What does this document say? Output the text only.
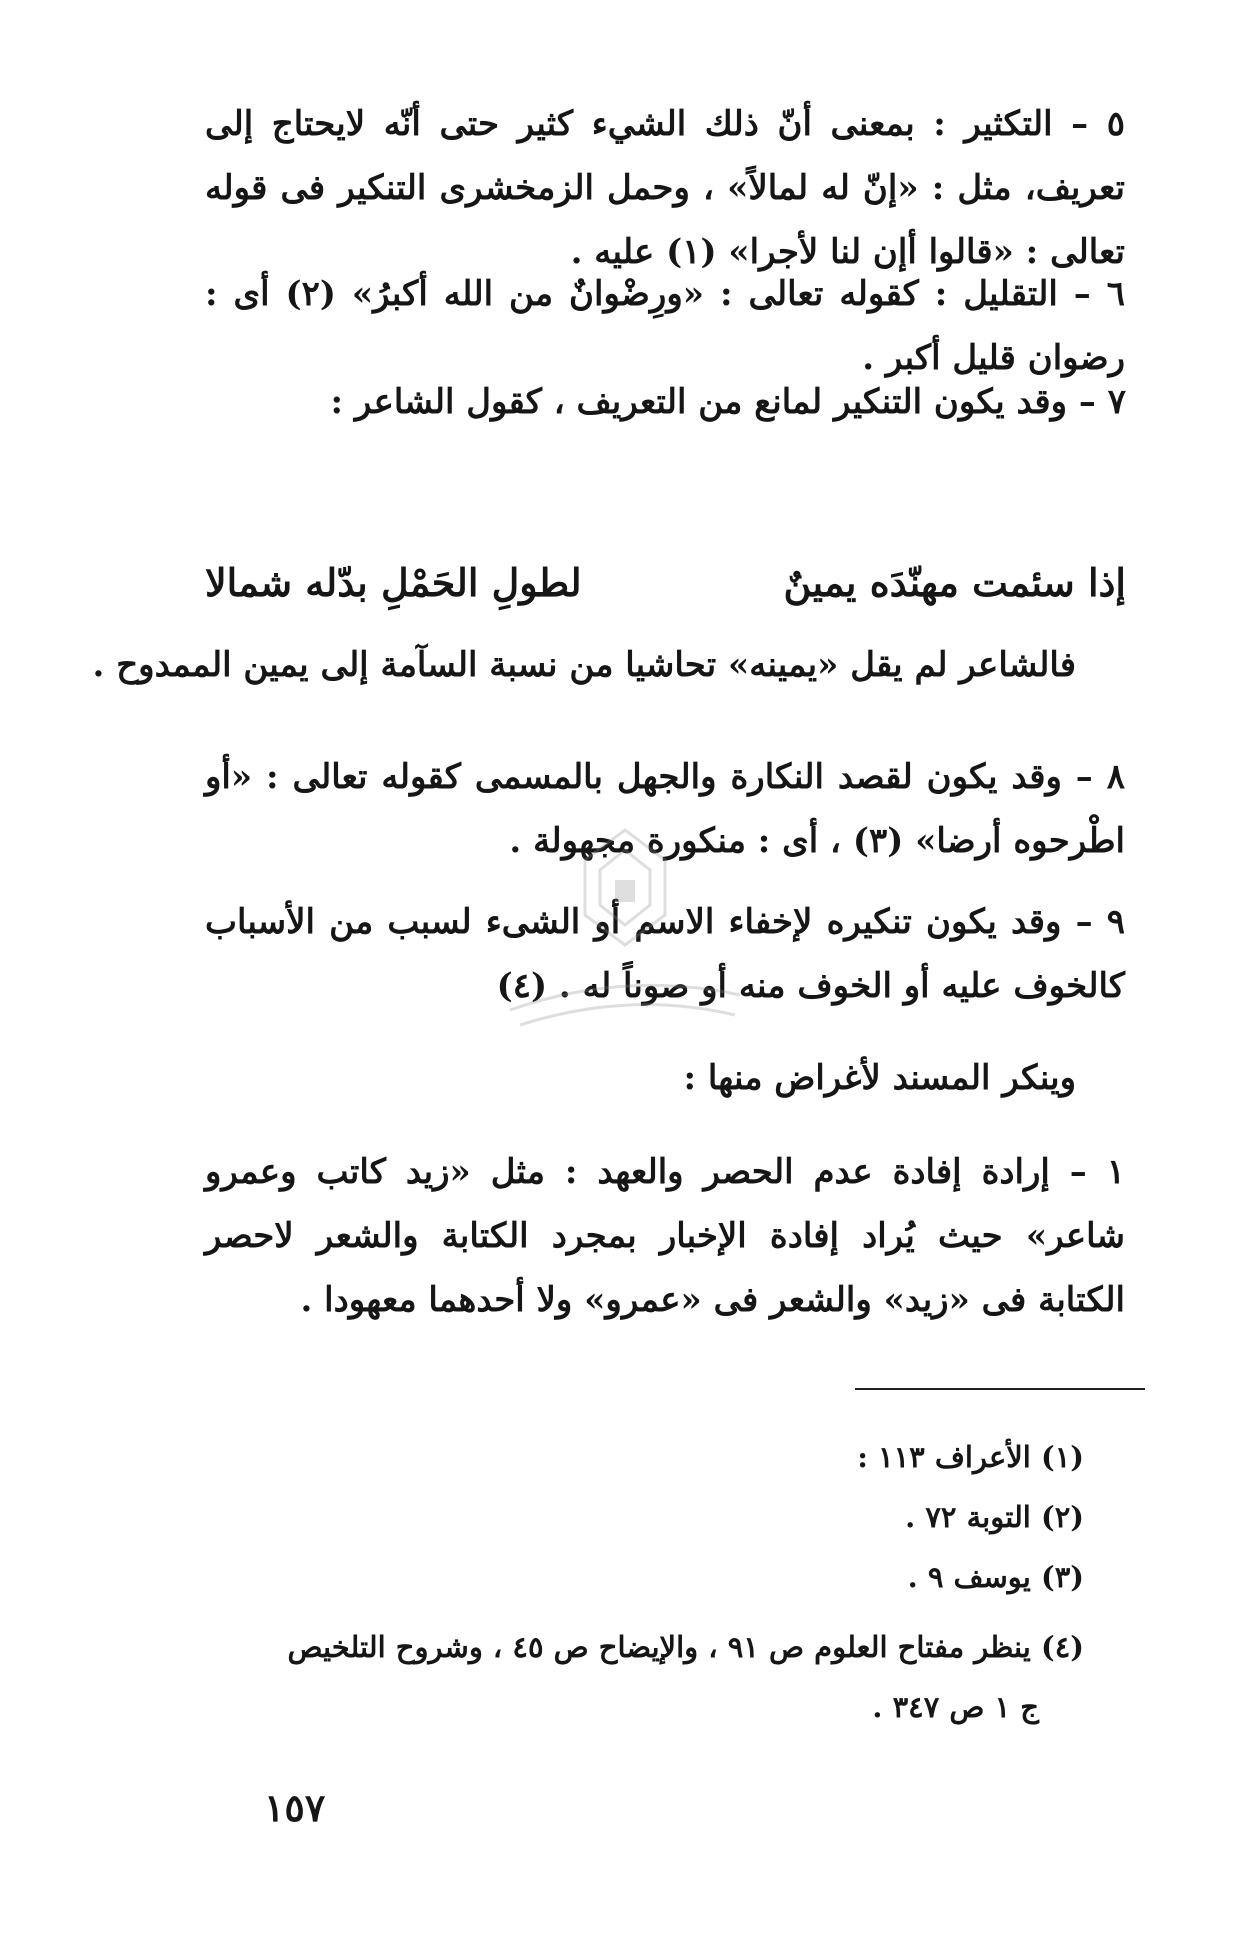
٥ – التكثير : بمعنى أنّ ذلك الشيء كثير حتى أنّه لايحتاج إلى تعريف، مثل : «إنّ له لمالاً» ، وحمل الزمخشرى التنكير فى قوله تعالى : «قالوا أإن لنا لأجرا» (١) عليه .
٦ – التقليل : كقوله تعالى : «ورِضْوانٌ من الله أكبرُ» (٢) أى : رضوان قليل أكبر .
٧ – وقد يكون التنكير لمانع من التعريف ، كقول الشاعر :
إذا سئمت مهنّدَه يمينٌ
لطولِ الحَمْلِ بدّله شمالا
فالشاعر لم يقل «يمينه» تحاشيا من نسبة السآمة إلى يمين الممدوح .
٨ – وقد يكون لقصد النكارة والجهل بالمسمى كقوله تعالى : «أو اطْرحوه أرضا» (٣) ، أى : منكورة مجهولة .
٩ – وقد يكون تنكيره لإخفاء الاسم أو الشىء لسبب من الأسباب كالخوف عليه أو الخوف منه أو صوناً له . (٤)
وينكر المسند لأغراض منها :
١ – إرادة إفادة عدم الحصر والعهد : مثل «زيد كاتب وعمرو شاعر» حيث يُراد إفادة الإخبار بمجرد الكتابة والشعر لاحصر الكتابة فى «زيد» والشعر فى «عمرو» ولا أحدهما معهودا .
(١) الأعراف ١١٣ :
(٢) التوبة ٧٢ .
(٣) يوسف ٩ .
(٤) ينظر مفتاح العلوم ص ٩١ ، والإيضاح ص ٤٥ ، وشروح التلخيص
ج ١ ص ٣٤٧ .
١٥٧
